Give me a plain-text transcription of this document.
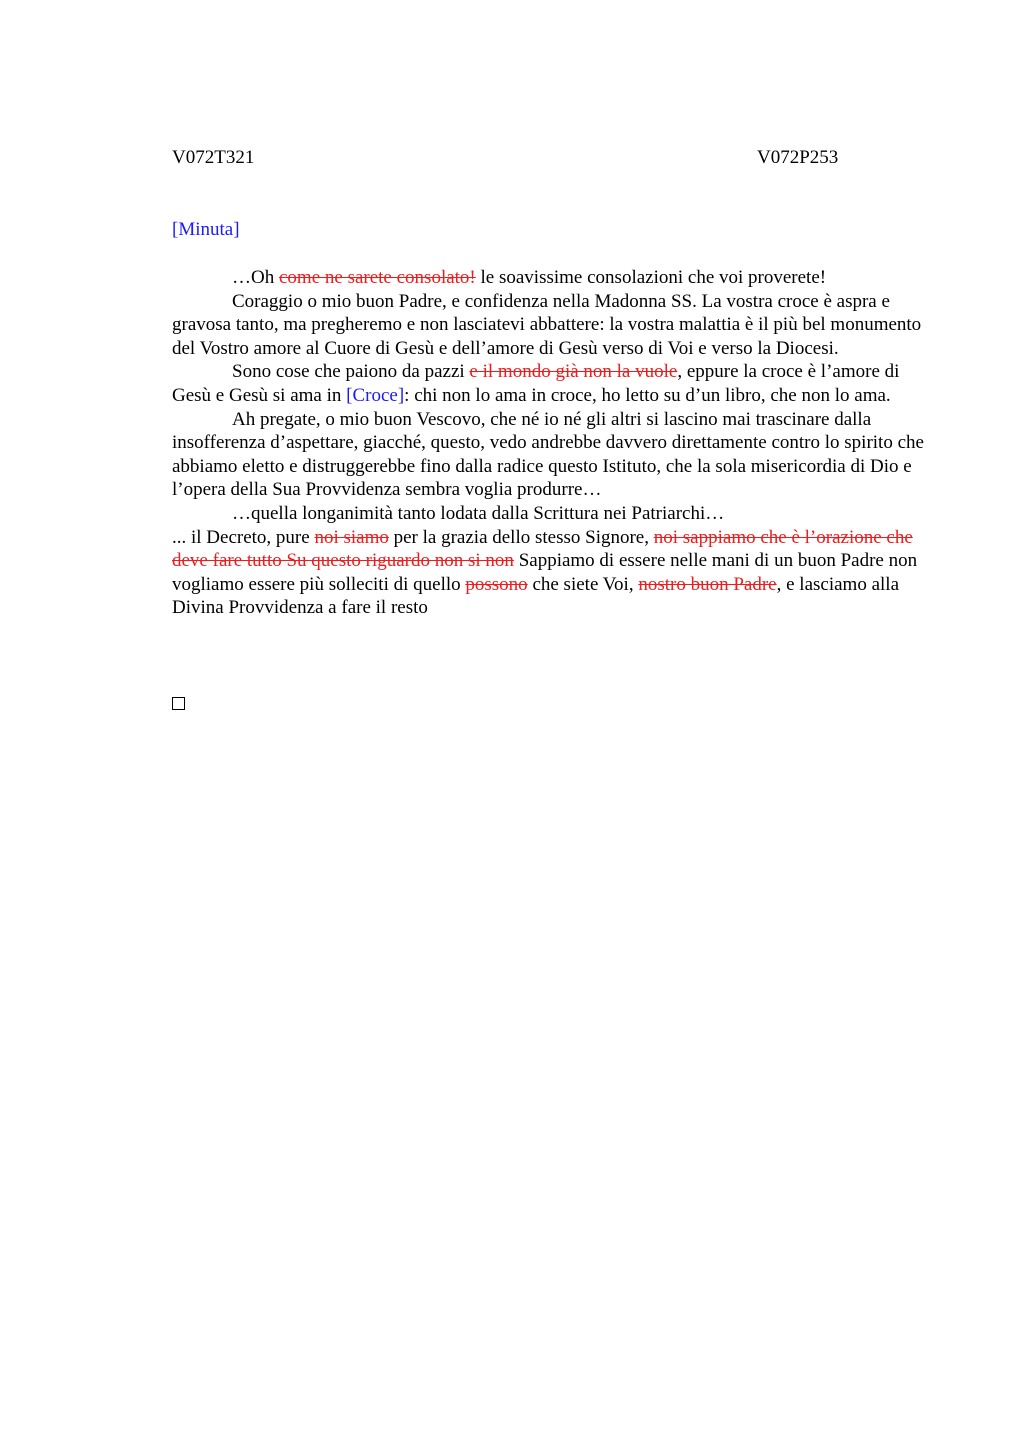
V072T321	V072P253
[Minuta]

…Oh come ne sarete consolato! le soavissime consolazioni che voi proverete!

Coraggio o mio buon Padre, e confidenza nella Madonna SS. La vostra croce è aspra e gravosa tanto, ma pregheremo e non lasciatevi abbattere: la vostra malattia è il più bel monumento del Vostro amore al Cuore di Gesù e dell’amore di Gesù verso di Voi e verso la Diocesi.

Sono cose che paiono da pazzi e il mondo già non la vuole, eppure la croce è l’amore di Gesù e Gesù si ama in [Croce]: chi non lo ama in croce, ho letto su d’un libro, che non lo ama.

Ah pregate, o mio buon Vescovo, che né io né gli altri si lascino mai trascinare dalla insofferenza d’aspettare, giacché, questo, vedo andrebbe davvero direttamente contro lo spirito che abbiamo eletto e distruggerebbe fino dalla radice questo Istituto, che la sola misericordia di Dio e l’opera della Sua Provvidenza sembra voglia produrre…

…quella longanimità tanto lodata dalla Scrittura nei Patriarchi…

... il Decreto, pure noi siamo per la grazia dello stesso Signore, noi sappiamo che è l’orazione che deve fare tutto Su questo riguardo non si non Sappiamo di essere nelle mani di un buon Padre non vogliamo essere più solleciti di quello possono che siete Voi, nostro buon Padre, e lasciamo alla Divina Provvidenza a fare il resto
